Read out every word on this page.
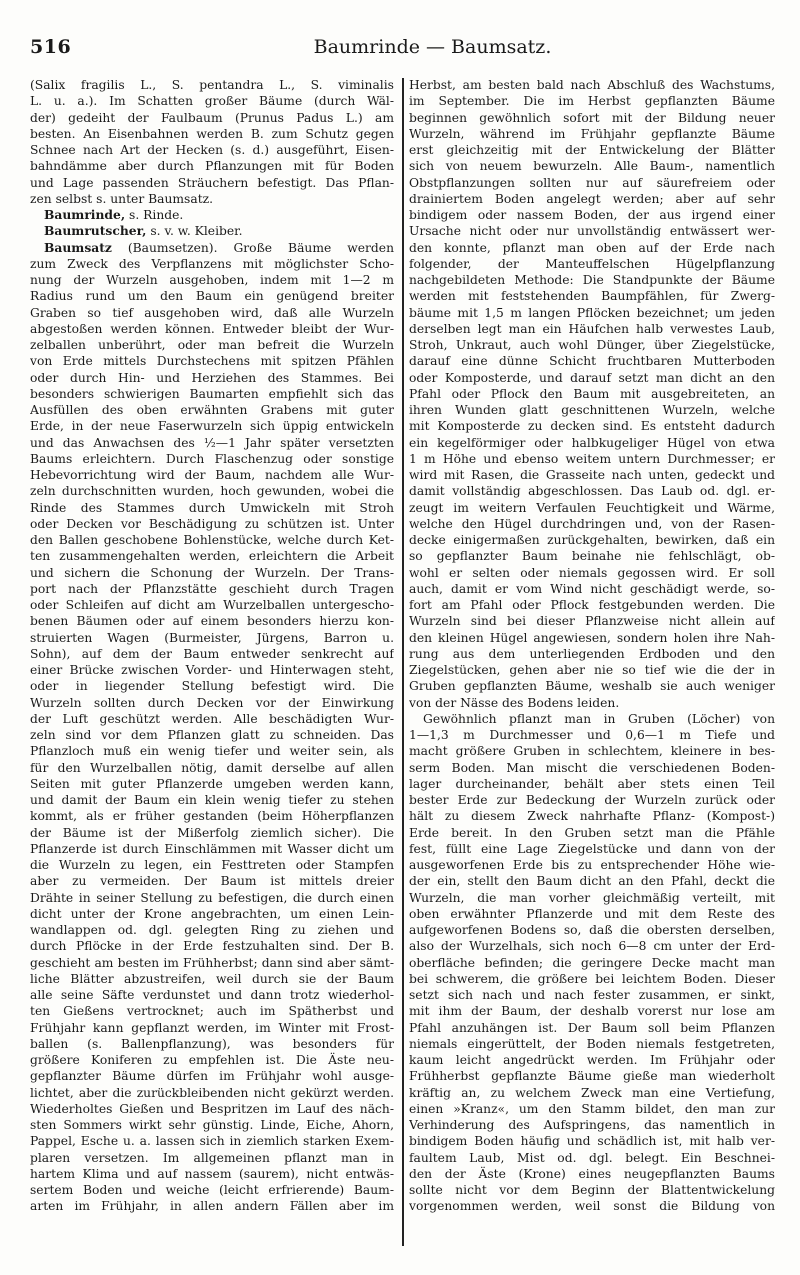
516	Baumrinde — Baumsatz.
(Salix fragilis L., S. pentandra L., S. viminalis
L. u. a.). Im Schatten großer Bäume (durch Wäl-
der) gedeiht der Faulbaum (Prunus Padus L.) am
besten. An Eisenbahnen werden B. zum Schutz gegen
Schnee nach Art der Hecken (s. d.) ausgeführt, Eisen-
bahndämme aber durch Pflanzungen mit für Boden
und Lage passenden Sträuchern befestigt. Das Pflan-
zen selbst s. unter Baumsatz.
Baumrinde, s. Rinde.
Baumrutscher, s. v. w. Kleiber.
Baumsatz (Baumsetzen). Große Bäume werden
zum Zweck des Verpflanzens mit möglichster Scho-
nung der Wurzeln ausgehoben, indem mit 1—2 m
Radius rund um den Baum ein genügend breiter
Graben so tief ausgehoben wird, daß alle Wurzeln
abgestoßen werden können. Entweder bleibt der Wur-
zelballen unberührt, oder man befreit die Wurzeln
von Erde mittels Durchstechens mit spitzen Pfählen
oder durch Hin- und Herziehen des Stammes. Bei
besonders schwierigen Baumarten empfiehlt sich das
Ausfüllen des oben erwähnten Grabens mit guter
Erde, in der neue Faserwurzeln sich üppig entwickeln
und das Anwachsen des ½—1 Jahr später versetzten
Baums erleichtern. Durch Flaschenzug oder sonstige
Hebevorrichtung wird der Baum, nachdem alle Wur-
zeln durchschnitten wurden, hoch gewunden, wobei die
Rinde des Stammes durch Umwickeln mit Stroh
oder Decken vor Beschädigung zu schützen ist. Unter
den Ballen geschobene Bohlenstücke, welche durch Ket-
ten zusammengehalten werden, erleichtern die Arbeit
und sichern die Schonung der Wurzeln. Der Trans-
port nach der Pflanzstätte geschieht durch Tragen
oder Schleifen auf dicht am Wurzelballen untergescho-
benen Bäumen oder auf einem besonders hierzu kon-
struierten Wagen (Burmeister, Jürgens, Barron u.
Sohn), auf dem der Baum entweder senkrecht auf
einer Brücke zwischen Vorder- und Hinterwagen steht,
oder in liegender Stellung befestigt wird. Die
Wurzeln sollten durch Decken vor der Einwirkung
der Luft geschützt werden. Alle beschädigten Wur-
zeln sind vor dem Pflanzen glatt zu schneiden. Das
Pflanzloch muß ein wenig tiefer und weiter sein, als
für den Wurzelballen nötig, damit derselbe auf allen
Seiten mit guter Pflanzerde umgeben werden kann,
und damit der Baum ein klein wenig tiefer zu stehen
kommt, als er früher gestanden (beim Höherpflanzen
der Bäume ist der Mißerfolg ziemlich sicher). Die
Pflanzerde ist durch Einschlämmen mit Wasser dicht um
die Wurzeln zu legen, ein Festtreten oder Stampfen
aber zu vermeiden. Der Baum ist mittels dreier
Drähte in seiner Stellung zu befestigen, die durch einen
dicht unter der Krone angebrachten, um einen Lein-
wandlappen od. dgl. gelegten Ring zu ziehen und
durch Pflöcke in der Erde festzuhalten sind. Der B.
geschieht am besten im Frühherbst; dann sind aber sämt-
liche Blätter abzustreifen, weil durch sie der Baum
alle seine Säfte verdunstet und dann trotz wiederhol-
ten Gießens vertrocknet; auch im Spätherbst und
Frühjahr kann gepflanzt werden, im Winter mit Frost-
ballen (s. Ballenpflanzung), was besonders für
größere Koniferen zu empfehlen ist. Die Äste neu-
gepflanzter Bäume dürfen im Frühjahr wohl ausge-
lichtet, aber die zurückbleibenden nicht gekürzt werden.
Wiederholtes Gießen und Bespritzen im Lauf des näch-
sten Sommers wirkt sehr günstig. Linde, Eiche, Ahorn,
Pappel, Esche u. a. lassen sich in ziemlich starken Exem-
plaren versetzen. Im allgemeinen pflanzt man in
hartem Klima und auf nassem (saurem), nicht entwäs-
sertem Boden und weiche (leicht erfrierende) Baum-
arten im Frühjahr, in allen andern Fällen aber im
Herbst, am besten bald nach Abschluß des Wachstums,
im September. Die im Herbst gepflanzten Bäume
beginnen gewöhnlich sofort mit der Bildung neuer
Wurzeln, während im Frühjahr gepflanzte Bäume
erst gleichzeitig mit der Entwickelung der Blätter
sich von neuem bewurzeln. Alle Baum-, namentlich
Obstpflanzungen sollten nur auf säurefreiem oder
drainiertem Boden angelegt werden; aber auf sehr
bindigem oder nassem Boden, der aus irgend einer
Ursache nicht oder nur unvollständig entwässert wer-
den konnte, pflanzt man oben auf der Erde nach
folgender, der Manteuffelschen Hügelpflanzung
nachgebildeten Methode: Die Standpunkte der Bäume
werden mit feststehenden Baumpfählen, für Zwerg-
bäume mit 1,5 m langen Pflöcken bezeichnet; um jeden
derselben legt man ein Häufchen halb verwestes Laub,
Stroh, Unkraut, auch wohl Dünger, über Ziegelstücke,
darauf eine dünne Schicht fruchtbaren Mutterboden
oder Komposterde, und darauf setzt man dicht an den
Pfahl oder Pflock den Baum mit ausgebreiteten, an
ihren Wunden glatt geschnittenen Wurzeln, welche
mit Komposterde zu decken sind. Es entsteht dadurch
ein kegelförmiger oder halbkugeliger Hügel von etwa
1 m Höhe und ebenso weitem untern Durchmesser; er
wird mit Rasen, die Grasseite nach unten, gedeckt und
damit vollständig abgeschlossen. Das Laub od. dgl. er-
zeugt im weitern Verfaulen Feuchtigkeit und Wärme,
welche den Hügel durchdringen und, von der Rasen-
decke einigermaßen zurückgehalten, bewirken, daß ein
so gepflanzter Baum beinahe nie fehlschlägt, ob-
wohl er selten oder niemals gegossen wird. Er soll
auch, damit er vom Wind nicht geschädigt werde, so-
fort am Pfahl oder Pflock festgebunden werden. Die
Wurzeln sind bei dieser Pflanzweise nicht allein auf
den kleinen Hügel angewiesen, sondern holen ihre Nah-
rung aus dem unterliegenden Erdboden und den
Ziegelstücken, gehen aber nie so tief wie die der in
Gruben gepflanzten Bäume, weshalb sie auch weniger
von der Nässe des Bodens leiden.
Gewöhnlich pflanzt man in Gruben (Löcher) von
1—1,3 m Durchmesser und 0,6—1 m Tiefe und
macht größere Gruben in schlechtem, kleinere in bes-
serm Boden. Man mischt die verschiedenen Boden-
lager durcheinander, behält aber stets einen Teil
bester Erde zur Bedeckung der Wurzeln zurück oder
hält zu diesem Zweck nahrhafte Pflanz- (Kompost-)
Erde bereit. In den Gruben setzt man die Pfähle
fest, füllt eine Lage Ziegelstücke und dann von der
ausgeworfenen Erde bis zu entsprechender Höhe wie-
der ein, stellt den Baum dicht an den Pfahl, deckt die
Wurzeln, die man vorher gleichmäßig verteilt, mit
oben erwähnter Pflanzerde und mit dem Reste des
aufgeworfenen Bodens so, daß die obersten derselben,
also der Wurzelhals, sich noch 6—8 cm unter der Erd-
oberfläche befinden; die geringere Decke macht man
bei schwerem, die größere bei leichtem Boden. Dieser
setzt sich nach und nach fester zusammen, er sinkt,
mit ihm der Baum, der deshalb vorerst nur lose am
Pfahl anzuhängen ist. Der Baum soll beim Pflanzen
niemals eingerüttelt, der Boden niemals festgetreten,
kaum leicht angedrückt werden. Im Frühjahr oder
Frühherbst gepflanzte Bäume gieße man wiederholt
kräftig an, zu welchem Zweck man eine Vertiefung,
einen »Kranz«, um den Stamm bildet, den man zur
Verhinderung des Aufspringens, das namentlich in
bindigem Boden häufig und schädlich ist, mit halb ver-
faultem Laub, Mist od. dgl. belegt. Ein Beschnei-
den der Äste (Krone) eines neugepflanzten Baums
sollte nicht vor dem Beginn der Blattentwickelung
vorgenommen werden, weil sonst die Bildung von
